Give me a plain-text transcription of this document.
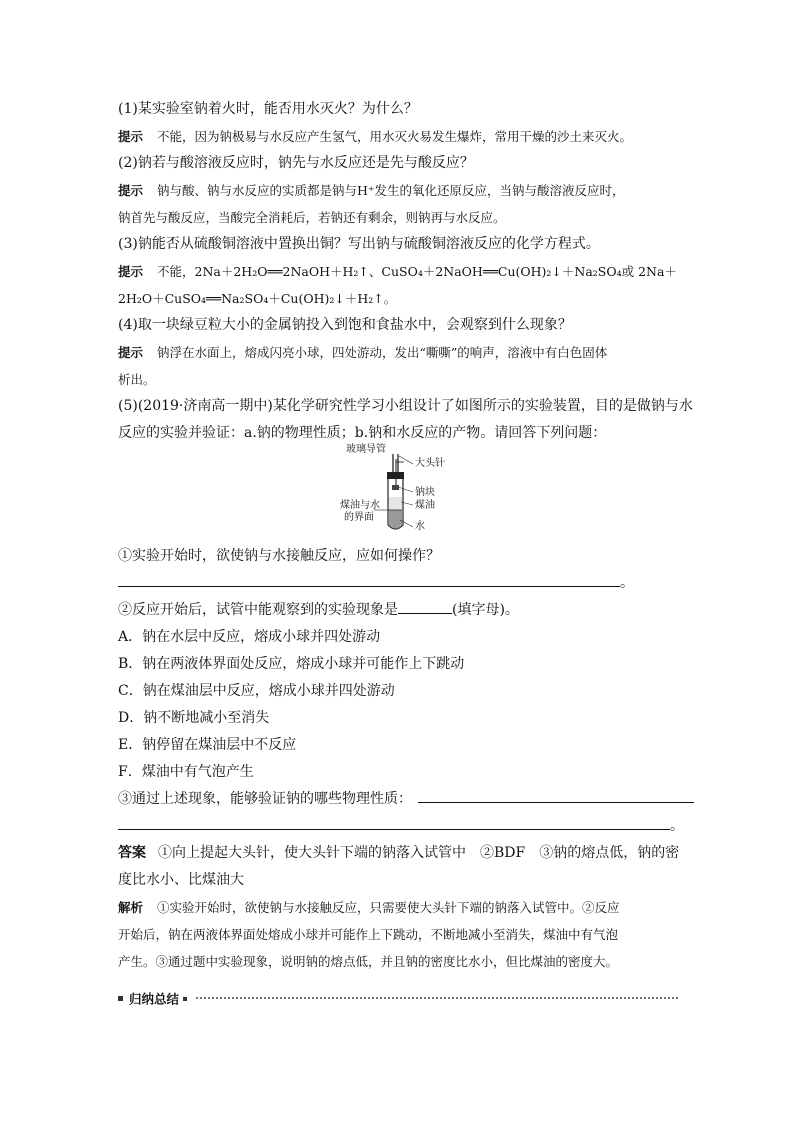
(1)某实验室钠着火时，能否用水灭火？为什么？
提示 不能，因为钠极易与水反应产生氢气，用水灭火易发生爆炸，常用干燥的沙土来灭火。
(2)钠若与酸溶液反应时，钠先与水反应还是先与酸反应？
提示 钠与酸、钠与水反应的实质都是钠与H⁺发生的氧化还原反应，当钠与酸溶液反应时，
钠首先与酸反应，当酸完全消耗后，若钠还有剩余，则钠再与水反应。
(3)钠能否从硫酸铜溶液中置换出铜？写出钠与硫酸铜溶液反应的化学方程式。
提示 不能，2Na＋2H₂O══2NaOH＋H₂↑、CuSO₄＋2NaOH══Cu(OH)₂↓＋Na₂SO₄或 2Na＋
2H₂O＋CuSO₄══Na₂SO₄＋Cu(OH)₂↓＋H₂↑。
(4)取一块绿豆粒大小的金属钠投入到饱和食盐水中，会观察到什么现象？
提示 钠浮在水面上，熔成闪亮小球，四处游动，发出“嘶嘶”的响声，溶液中有白色固体
析出。
(5)(2019·济南高一期中)某化学研究性学习小组设计了如图所示的实验装置，目的是做钠与水
反应的实验并验证：a.钠的物理性质；b.钠和水反应的产物。请回答下列问题：
玻璃导管
大头针
钠块
煤油
煤油与水
的界面
水
①实验开始时，欲使钠与水接触反应，应如何操作？
。
②反应开始后，试管中能观察到的实验现象是	(填字母)。
A．钠在水层中反应，熔成小球并四处游动
B．钠在两液体界面处反应，熔成小球并可能作上下跳动
C．钠在煤油层中反应，熔成小球并四处游动
D．钠不断地减小至消失
E．钠停留在煤油层中不反应
F．煤油中有气泡产生
③通过上述现象，能够验证钠的哪些物理性质：
。
答案 ①向上提起大头针，使大头针下端的钠落入试管中　②BDF　③钠的熔点低，钠的密
度比水小、比煤油大
解析 ①实验开始时，欲使钠与水接触反应，只需要使大头针下端的钠落入试管中。②反应
开始后，钠在两液体界面处熔成小球并可能作上下跳动，不断地减小至消失，煤油中有气泡
产生。③通过题中实验现象，说明钠的熔点低，并且钠的密度比水小，但比煤油的密度大。
归纳总结
